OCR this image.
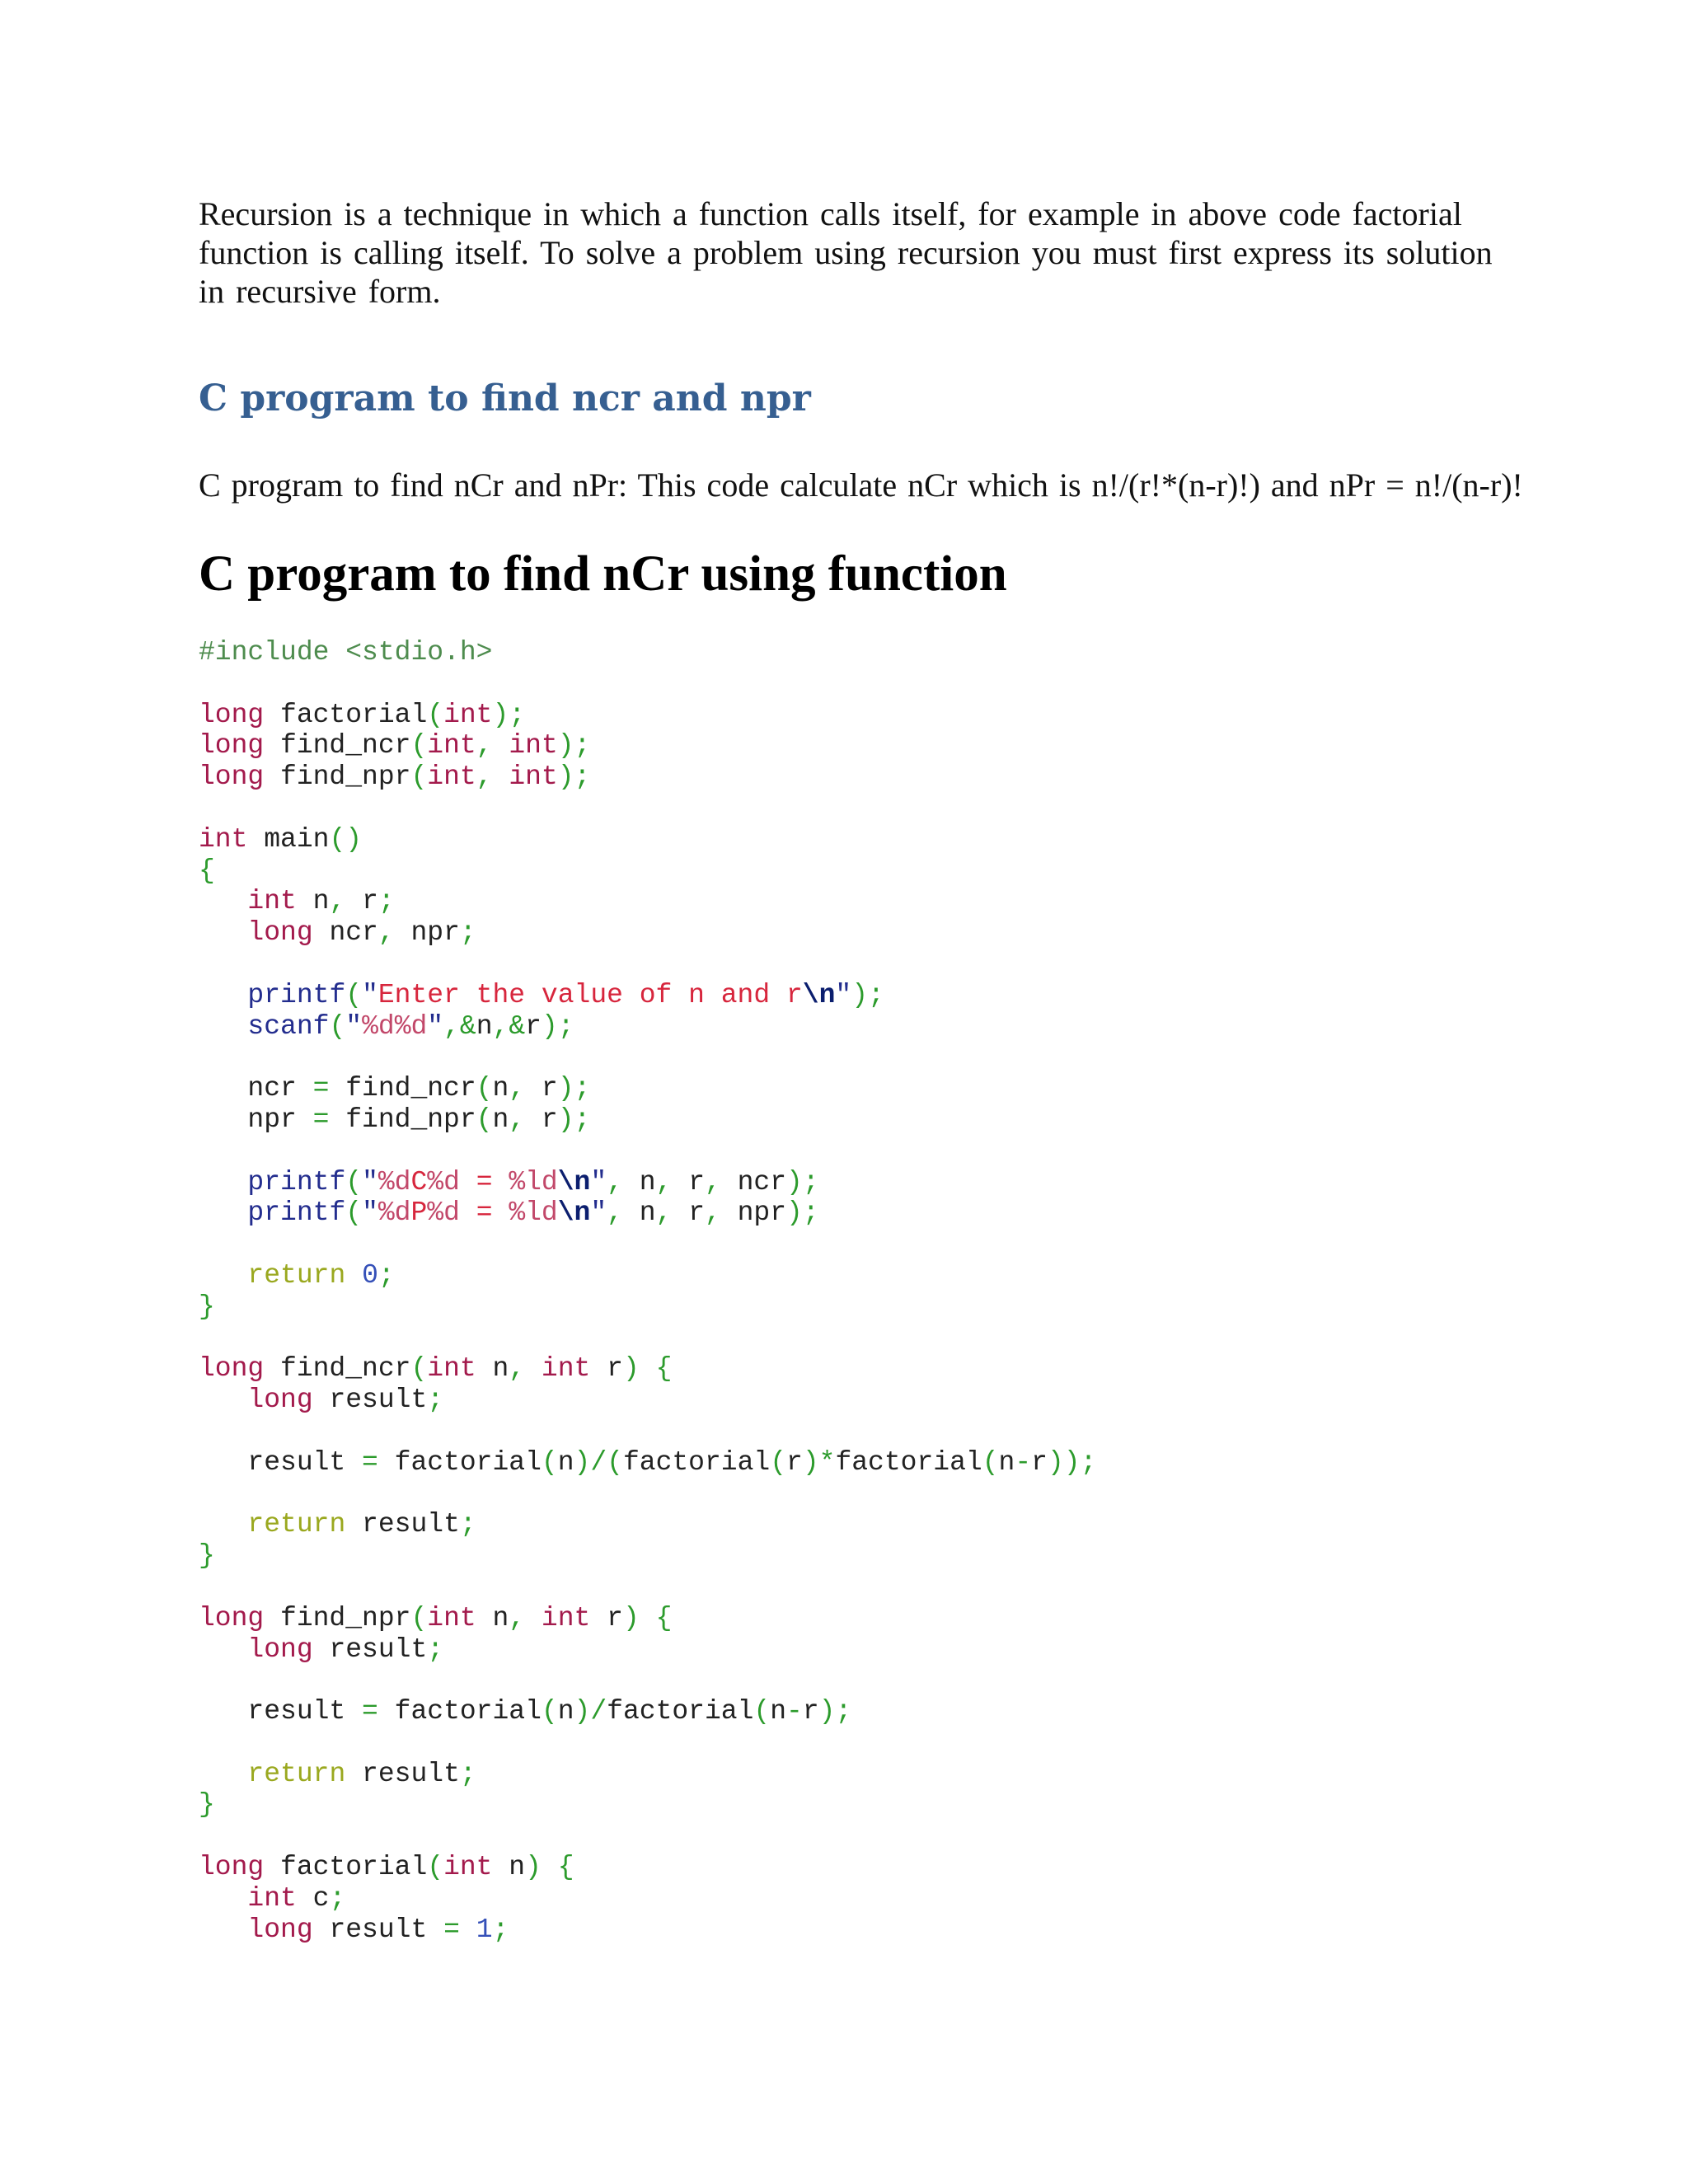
Recursion is a technique in which a function calls itself, for example in above code factorial function is calling itself. To solve a problem using recursion you must first express its solution in recursive form.

C program to find ncr and npr

C program to find nCr and nPr: This code calculate nCr which is n!/(r!*(n-r)!) and nPr = n!/(n-r)!

C program to find nCr using function
#include <stdio.h>
long factorial(int);
long find_ncr(int, int);
long find_npr(int, int);
int main()
{
int n, r;
long ncr, npr;
printf("Enter the value of n and r\n");
scanf("%d%d",&n,&r);
ncr = find_ncr(n, r);
npr = find_npr(n, r);
printf("%dC%d = %ld\n", n, r, ncr);
printf("%dP%d = %ld\n", n, r, npr);
return 0;
}
long find_ncr(int n, int r) {
long result;
result = factorial(n)/(factorial(r)*factorial(n-r));
return result;
}
long find_npr(int n, int r) {
long result;
result = factorial(n)/factorial(n-r);
return result;
}
long factorial(int n) {
int c;
long result = 1;
